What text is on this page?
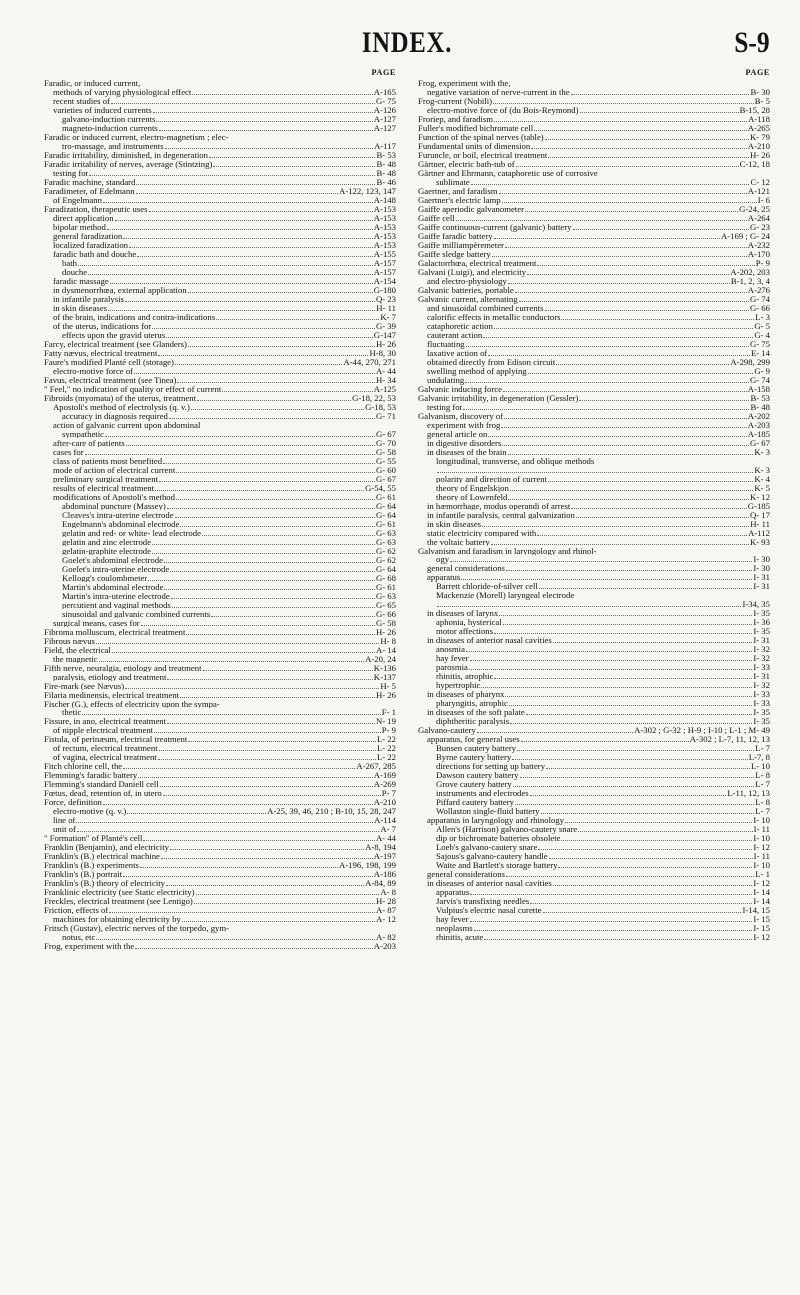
INDEX.	S-9
PAGE
Faradic, or induced current,
methods of varying physiological effect	A-165
recent studies of	G- 75
varieties of induced currents	A-126
galvano-induction currents	A-127
magneto-induction currents	A-127
Faradic or induced current, electro-magnetism ; elec-
tro-massage, and instruments	A-117
Faradic irritability, diminished, in degeneration	B- 53
Faradic irritability of nerves, average (Stintzing)	B- 48
testing for	B- 48
Faradic machine, standard	B- 46
Faradimeter, of Edelmann	A-122, 123, 147
of Engelmann	A-148
Faradization, therapeutic uses	A-153
direct application	A-153
bipolar method	A-153
general faradization	A-153
localized faradization	A-153
faradic bath and douche	A-155
bath	A-157
douche	A-157
faradic massage	A-154
in dysmenorrhœa, external application	G-180
in infantile paralysis	Q- 23
in skin diseases	H- 11
of the brain, indications and contra-indications	K- 7
of the uterus, indications for	G- 39
effects upon the gravid uterus	G-147
Farcy, electrical treatment (see Glanders)	H- 26
Fatty nævus, electrical treatment	H-8, 30
Faure's modified Planté cell (storage)	A-44, 270, 271
electro-motive force of	A- 44
Favus, electrical treatment (see Tinea)	H- 34
" Feel," no indication of quality or effect of current	A-125
Fibroids (myomata) of the uterus, treatment	G-18, 22, 53
Apostoli's method of electrolysis (q. v.)	G-18, 53
accuracy in diagnosis required	G- 71
action of galvanic current upon abdominal
sympathetic	G- 67
after-care of patients	G- 70
cases for	G- 58
class of patients most benefited	G- 55
mode of action of electrical current	G- 60
preliminary surgical treatment	G- 67
results of electrical treatment	G-54, 55
modifications of Apostoli's method	G- 61
abdominal puncture (Massey)	G- 64
Cleaves's intra-uterine electrode	G- 64
Engelmann's abdominal electrode	G- 61
gelatin and red- or white- lead electrode	G- 63
gelatin and zinc electrode	G- 63
gelatin-graphite electrode	G- 62
Goelet's abdominal electrode	G- 62
Goelet's intra-uterine electrode	G- 64
Kellogg's coulombmeter	G- 68
Martin's abdominal electrode	G- 61
Martin's intra-uterine electrode	G- 63
percutient and vaginal methods	G- 65
sinusoidal and galvanic combined currents	G- 66
surgical means, cases for	G- 58
Fibroma molluscum, electrical treatment	H- 26
Fibrous nævus	H- 8
Field, the electrical	A- 14
the magnetic	A-20, 24
Fifth nerve, neuralgia, etiology and treatment	K-136
paralysis, etiology and treatment	K-137
Fire-mark (see Nævus)	H- 5
Filaria medinensis, electrical treatment	H- 26
Fischer (G.), effects of electricity upon the sympa-
thetic	F- 1
Fissure, in ano, electrical treatment	N- 19
of nipple electrical treatment	P- 9
Fistula, of perinæum, electrical treatment	L- 22
of rectum, electrical treatment	L- 22
of vagina, electrical treatment	L- 22
Fitch chlorine cell, the	A-267, 285
Flemming's faradic battery	A-169
Flemming's standard Daniell cell	A-269
Fœtus, dead, retention of, in utero	P- 7
Force, definition	A-210
electro-motive (q. v.)	A-25, 39, 46, 210 ; B-10, 15, 28, 247
line of	A-114
unit of	A- 7
" Formation" of Planté's cell	A- 44
Franklin (Benjamin), and electricity	A-8, 194
Franklin's (B.) electrical machine	A-197
Franklin's (B.) experiments	A-196, 198, 199
Franklin's (B.) portrait	A-186
Franklin's (B.) theory of electricity	A-84, 89
Franklinic electricity (see Static electricity)	A- 8
Freckles, electrical treatment (see Lentigo)	H- 28
Friction, effects of	A- 87
machines for obtaining electricity by	A- 12
Fritsch (Gustav), electric nerves of the torpedo, gym-
notus, etc	A- 82
Frog, experiment with the	A-203
PAGE
Frog, experiment with the,
negative variation of nerve-current in the	B- 30
Frog-current (Nobili)	B- 5
electro-motive force of (du Bois-Reymond)	B-15, 28
Froriep, and faradism	A-118
Fuller's modified bichromate cell	A-265
Function of the spinal nerves (table)	K- 79
Fundamental units of dimension	A-210
Furuncle, or boil, electrical treatment	H- 26
Gärtner, electric bath-tub of	C-12, 18
Gärtner and Ehrmann, cataphoretic use of corrosive
sublimate	C- 12
Gaertner, and faradism	A-121
Gaertner's electric lamp	I- 6
Gaiffe aperiodic galvanometer	G-24, 25
Gaiffe cell	A-264
Gaiffe continuous-current (galvanic) battery	G- 23
Gaiffe faradic battery	A-169 ; G- 24
Gaiffe milliampèremeter	A-232
Gaiffe sledge battery	A-170
Galactorrhœa, electrical treatment	P- 9
Galvani (Luigi), and electricity	A-202, 203
and electro-physiology	B-1, 2, 3, 4
Galvanic batteries, portable	A-276
Galvanic current, alternating	G- 74
and sinusoidal combined currents	G- 66
calorific effects in metallic conductors	L- 3
cataphoretic action	G- 5
cauterant action	G- 4
fluctuating	G- 75
laxative action of	E- 14
obtained directly from Edison circuit	A-298, 299
swelling method of applying	G- 9
undulating	G- 74
Galvanic inducing force	A-158
Galvanic irritability, in degeneration (Gessler)	B- 53
testing for	B- 48
Galvanism, discovery of	A-202
experiment with frog	A-203
general article on	A-185
in digestive disorders	G- 67
in diseases of the brain	K- 3
longitudinal, transverse, and oblique methods
K- 3
polarity and direction of current	K- 4
theory of Engelskjon	K- 5
theory of Lowenfeld	K- 12
in hæmorrhage, modus operandi of arrest	G-185
in infantile paralysis, central galvanization	Q- 17
in skin diseases	H- 11
static electricity compared with	A-112
the voltaic battery	K- 93
Galvanism and faradism in laryngology and rhinol-
ogy	I- 30
general considerations	I- 30
apparatus	I- 31
Barrett chloride-of-silver cell	I- 31
Mackenzie (Morell) laryngeal electrode
I-34, 35
in diseases of larynx	I- 35
aphonia, hysterical	I- 36
motor affections	I- 35
in diseases of anterior nasal cavities	I- 31
anosmia	I- 32
hay fever	I- 32
parosmia	I- 33
rhinitis, atrophic	I- 31
hypertrophic	I- 32
in diseases of pharynx	I- 33
pharyngitis, atrophic	I- 33
in diseases of the soft palate	I- 35
diphtheritic paralysis	I- 35
Galvano-cautery	A-302 ; G-32 ; H-9 ; I-10 ; L-1 ; M- 49
apparatus, for general uses	A-302 ; L-7, 11, 12, 13
Bunsen cautery battery	L- 7
Byrne cautery battery	L-7, 8
directions for setting up battery	L- 10
Dawson cautery battery	L- 8
Grove cautery battery	L- 7
instruments and electrodes	L-11, 12, 13
Piffard cautery battery	L- 8
Wollaston single-fluid battery	L- 7
apparatus in laryngology and rhinology	I- 10
Allen's (Harrison) galvano-cautery snare	I- 11
dip or bichromate batteries obsolete	I- 10
Loeb's galvano-cautery snare	I- 12
Sajous's galvano-cautery handle	I- 11
Waite and Bartlett's storage battery	I- 10
general considerations	L- 1
in diseases of anterior nasal cavities	I- 12
apparatus	I- 14
Jarvis's transfixing needles	I- 14
Vulpius's electric nasal curette	I-14, 15
hay fever	I- 15
neoplasms	I- 15
rhinitis, acute	I- 12
